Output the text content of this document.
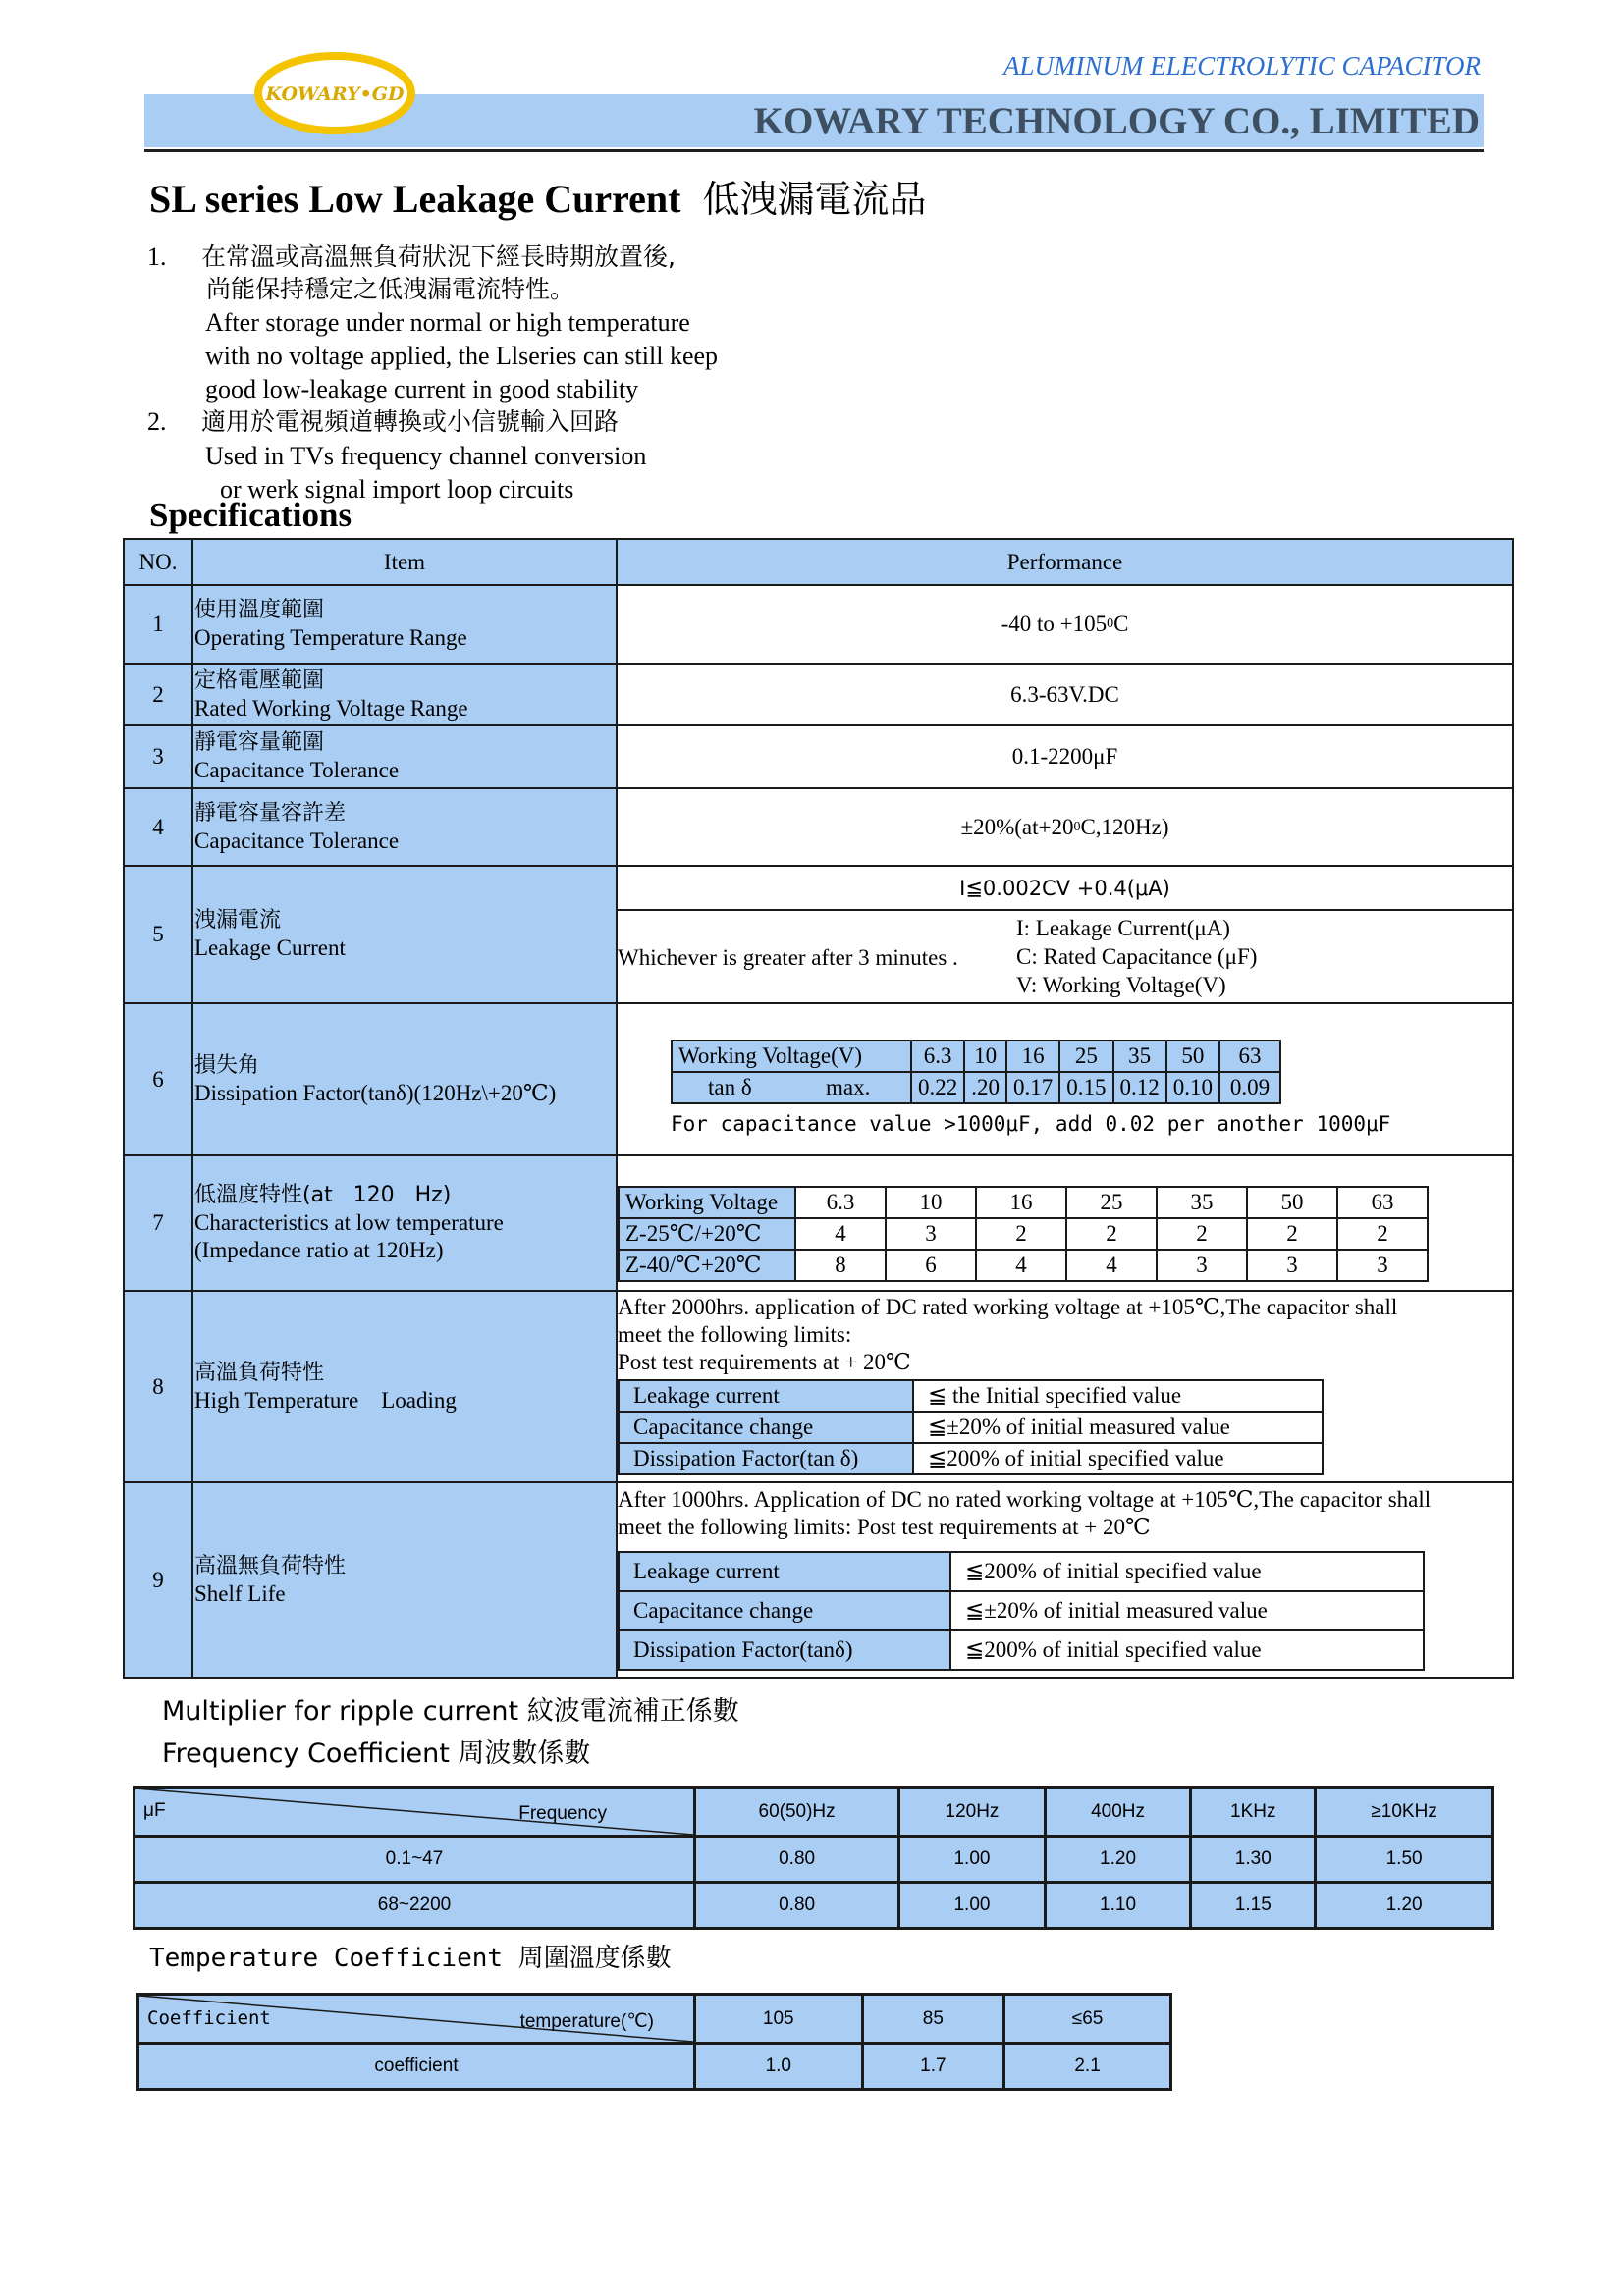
KOWARY•GD
ALUMINUM ELECTROLYTIC CAPACITOR
KOWARY TECHNOLOGY CO., LIMITED
SL series Low Leakage Current 低洩漏電流品
1. 在常溫或高溫無負荷狀況下經長時期放置後,
尚能保持穩定之低洩漏電流特性。
After storage under normal or high temperature
with no voltage applied, the Llseries can still keep
good low-leakage current in good stability
2. 適用於電視頻道轉換或小信號輸入回路
Used in TVs frequency channel conversion
or werk signal import loop circuits
Specifications
NO.	Item	Performance
1
使用溫度範圍
Operating Temperature Range
-40 to +105 0 C
2
定格電壓範圍
Rated Working Voltage Range
6.3-63V.DC
3
靜電容量範圍
Capacitance Tolerance
0.1-2200μF
4
靜電容量容許差
Capacitance Tolerance
±20%(at+20 0 C,120Hz)
5
洩漏電流
Leakage Current
I≦0.002CV +0.4(μA)
Whichever is greater after 3 minutes .
I: Leakage Current(μA)
C: Rated Capacitance (μF)
V: Working Voltage(V)
6
損失角
Dissipation Factor(tanδ)(120Hz\+20℃)
Working Voltage(V)	6.3	10	16	25	35	50	63
tan δ max.	0.22	.20	0.17	0.15	0.12	0.10	0.09
For capacitance value >1000μF, add 0.02 per another 1000μF
7
低溫度特性(at   120   Hz)
Characteristics at low temperature
(Impedance ratio at 120Hz)
Working Voltage	6.3	10	16	25	35	50	63
Z-25℃/+20℃	4	3	2	2	2	2	2
Z-40/℃+20℃	8	6	4	4	3	3	3
8
高溫負荷特性
High Temperature    Loading
After 2000hrs. application of DC rated working voltage at +105℃,The capacitor shall
meet the following limits:
Post test requirements at + 20℃
Leakage current	≦ the Initial specified value
Capacitance change	≦±20% of initial measured value
Dissipation Factor(tan δ)	≦200% of initial specified value
9
高溫無負荷特性
Shelf Life
After 1000hrs. Application of DC no rated working voltage at +105℃,The capacitor shall
meet the following limits: Post test requirements at + 20℃
Leakage current	≦200% of initial specified value
Capacitance change	≦±20% of initial measured value
Dissipation Factor(tanδ)	≦200% of initial specified value
Multiplier for ripple current 紋波電流補正係數
Frequency Coefficient 周波數係數
μF Frequency	60(50)Hz	120Hz	400Hz	1KHz	≥10KHz
0.1~47	0.80	1.00	1.20	1.30	1.50
68~2200	0.80	1.00	1.10	1.15	1.20
Temperature Coefficient 周圍溫度係數
Coefficient temperature(℃)	105	85	≤65
coefficient	1.0	1.7	2.1
